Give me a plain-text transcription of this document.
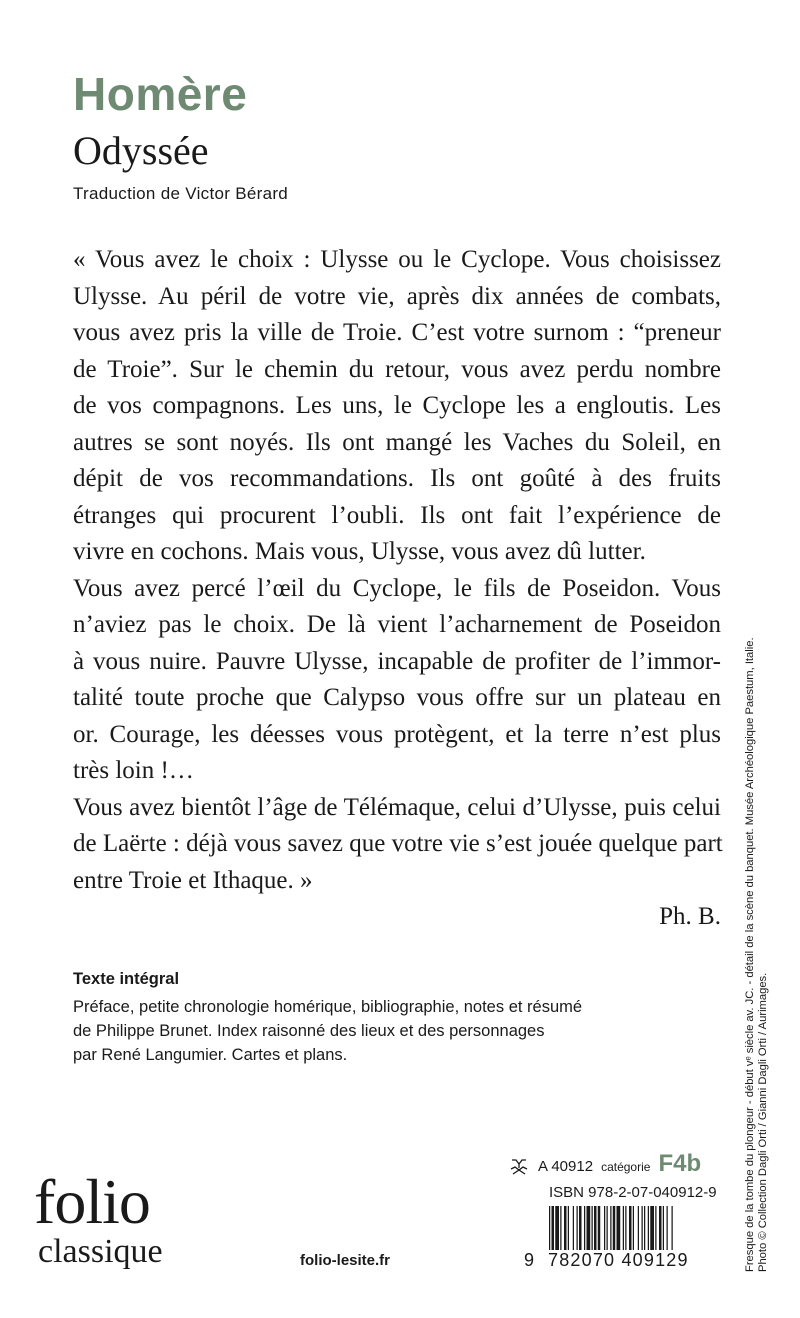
Homère
Odyssée
Traduction de Victor Bérard
« Vous avez le choix : Ulysse ou le Cyclope. Vous choisissez
Ulysse. Au péril de votre vie, après dix années de combats,
vous avez pris la ville de Troie. C’est votre surnom : “preneur
de Troie”. Sur le chemin du retour, vous avez perdu nombre
de vos compagnons. Les uns, le Cyclope les a engloutis. Les
autres se sont noyés. Ils ont mangé les Vaches du Soleil, en
dépit de vos recommandations. Ils ont goûté à des fruits
étranges qui procurent l’oubli. Ils ont fait l’expérience de
vivre en cochons. Mais vous, Ulysse, vous avez dû lutter.
Vous avez percé l’œil du Cyclope, le fils de Poseidon. Vous
n’aviez pas le choix. De là vient l’acharnement de Poseidon
à vous nuire. Pauvre Ulysse, incapable de profiter de l’immor-
talité toute proche que Calypso vous offre sur un plateau en
or. Courage, les déesses vous protègent, et la terre n’est plus
très loin !…
Vous avez bientôt l’âge de Télémaque, celui d’Ulysse, puis celui
de Laërte : déjà vous savez que votre vie s’est jouée quelque part
entre Troie et Ithaque. »
Ph. B.
Texte intégral
Préface, petite chronologie homérique, bibliographie, notes et résumé
de Philippe Brunet. Index raisonné des lieux et des personnages
par René Langumier. Cartes et plans.
folio
classique	folio-lesite.fr
A 40912 catégorie F4b
ISBN 978-2-07-040912-9
9 782070 409129	Fresque de la tombe du plongeur - début vᵉ siècle av. JC. - détail de la scène du banquet. Musée Archéologique Paestum, Italie. Photo © Collection Dagli Orti / Gianni Dagli Orti / Aurimages.
